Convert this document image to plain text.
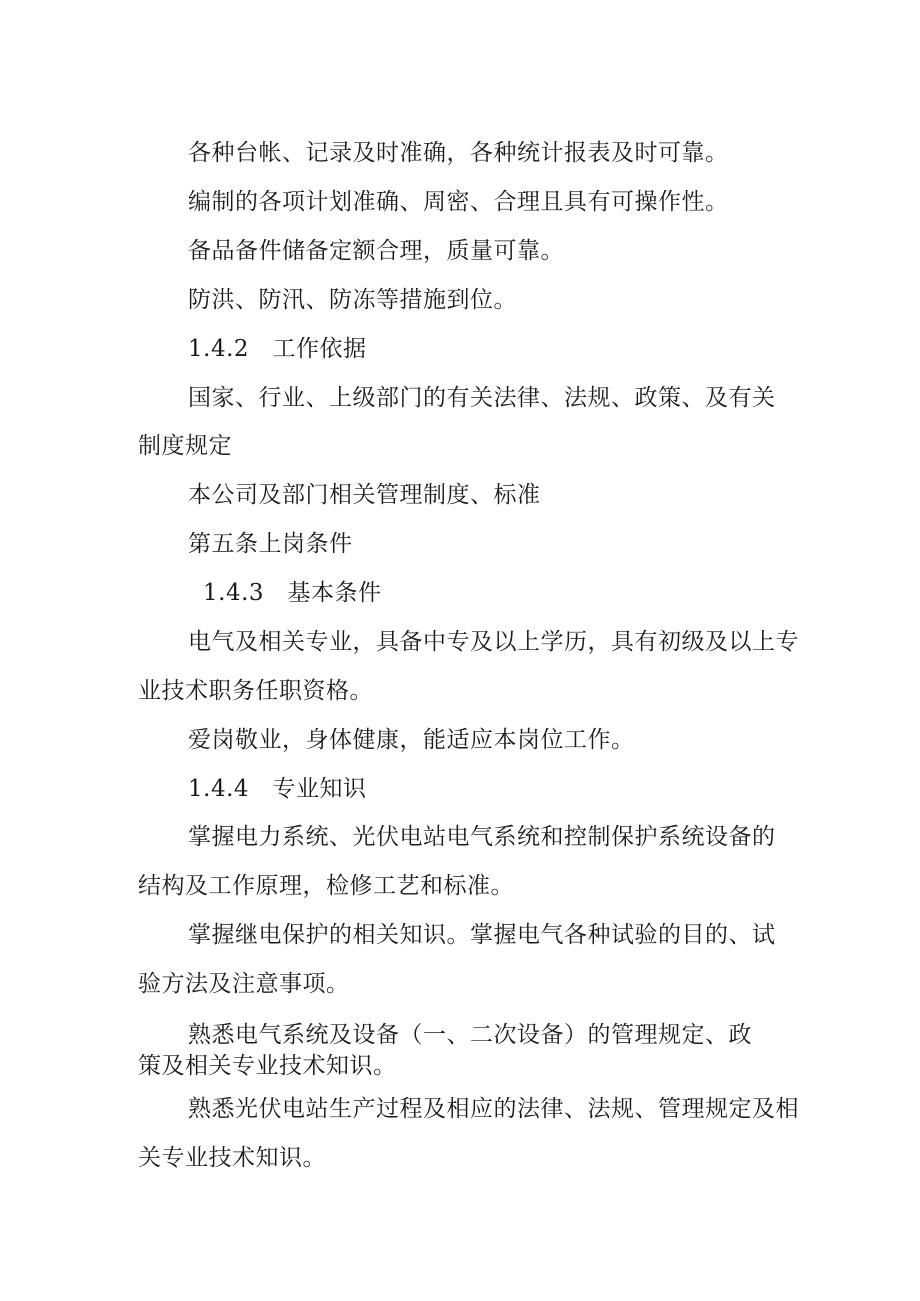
各种台帐、记录及时准确，各种统计报表及时可靠。
编制的各项计划准确、周密、合理且具有可操作性。
备品备件储备定额合理，质量可靠。
防洪、防汛、防冻等措施到位。
1.4.2　工作依据
国家、行业、上级部门的有关法律、法规、政策、及有关
制度规定
本公司及部门相关管理制度、标准
第五条上岗条件
1.4.3　基本条件
电气及相关专业，具备中专及以上学历，具有初级及以上专
业技术职务任职资格。
爱岗敬业，身体健康，能适应本岗位工作。
1.4.4　专业知识
掌握电力系统、光伏电站电气系统和控制保护系统设备的
结构及工作原理，检修工艺和标准。
掌握继电保护的相关知识。掌握电气各种试验的目的、试
验方法及注意事项。
熟悉电气系统及设备（一、二次设备）的管理规定、政
策及相关专业技术知识。
熟悉光伏电站生产过程及相应的法律、法规、管理规定及相
关专业技术知识。
